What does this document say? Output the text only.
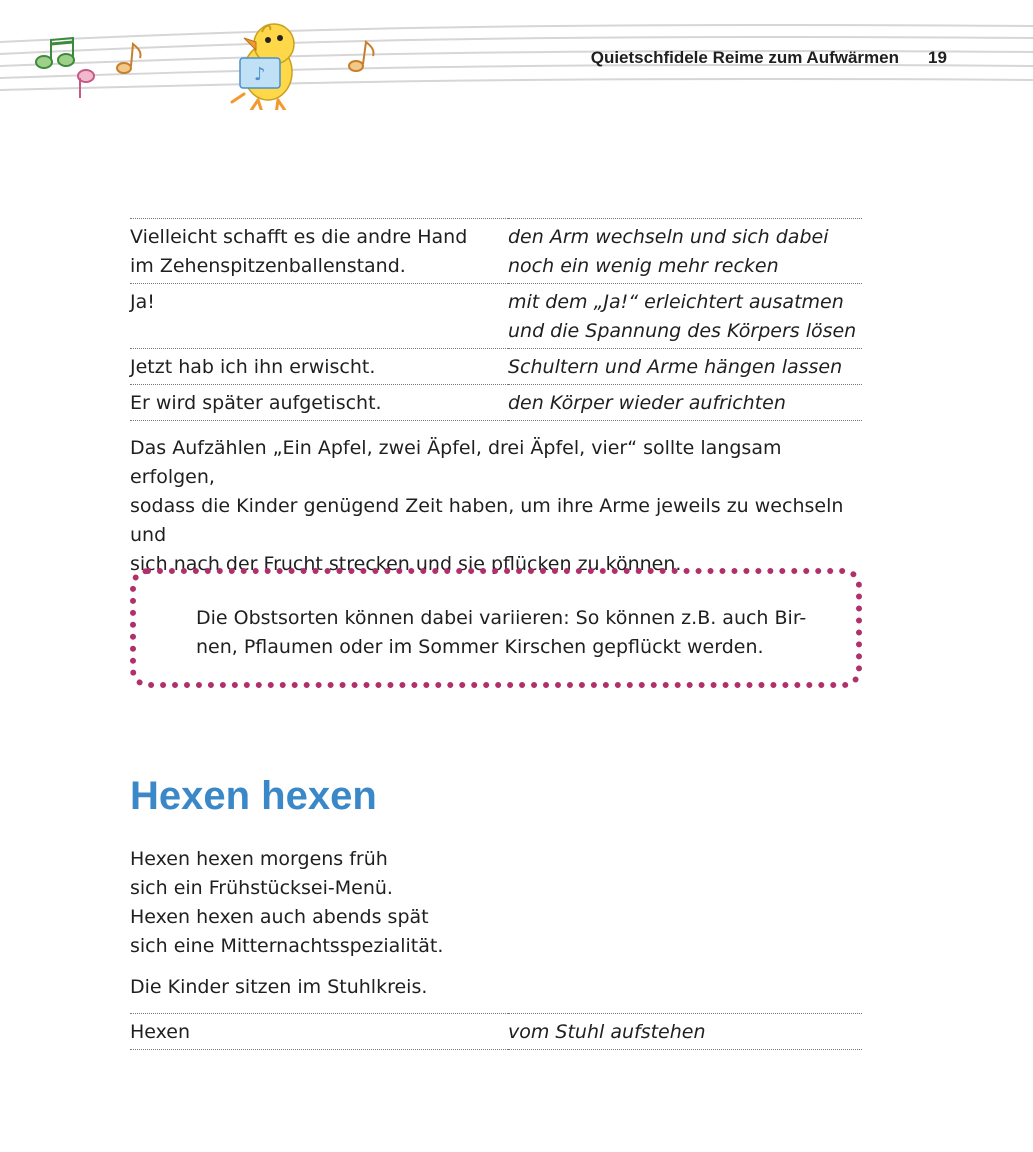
♪
Quietschfidele Reime zum Aufwärmen 19
Vielleicht schafft es die andre Hand
im Zehenspitzenballenstand.	den Arm wechseln und sich dabei
noch ein wenig mehr recken

Ja!	mit dem „Ja!“ erleichtert ausatmen
und die Spannung des Körpers lösen

Jetzt hab ich ihn erwischt.	Schultern und Arme hängen lassen

Er wird später aufgetischt.	den Körper wieder aufrichten

Das Aufzählen „Ein Apfel, zwei Äpfel, drei Äpfel, vier“ sollte langsam erfolgen,
sodass die Kinder genügend Zeit haben, um ihre Arme jeweils zu wechseln und
sich nach der Frucht strecken und sie pflücken zu können.

Die Obstsorten können dabei variieren: So können z.B. auch Bir-
nen, Pflaumen oder im Sommer Kirschen gepflückt werden.

Hexen hexen

Hexen hexen morgens früh
sich ein Frühstücksei-Menü.
Hexen hexen auch abends spät
sich eine Mitternachtsspezialität.

Die Kinder sitzen im Stuhlkreis.

Hexen	vom Stuhl aufstehen
